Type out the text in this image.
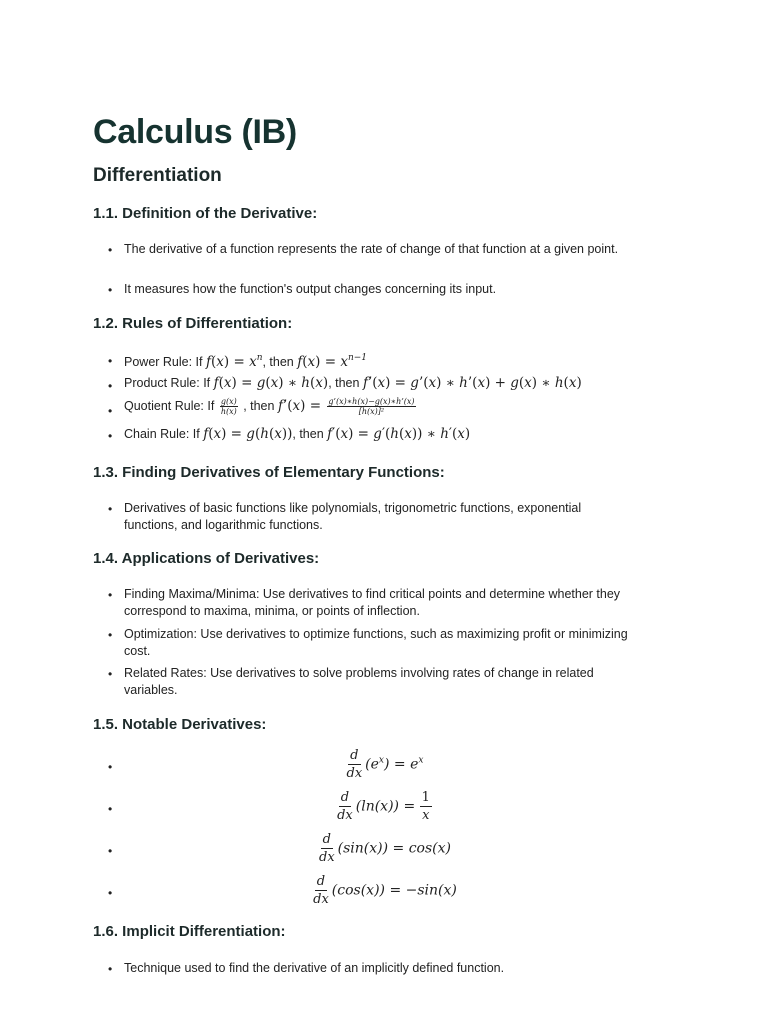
Calculus (IB)
Differentiation
1.1. Definition of the Derivative:
• The derivative of a function represents the rate of change of that function at a given point.
• It measures how the function's output changes concerning its input.
1.2. Rules of Differentiation:
• Power Rule: If $f(x) = x^n$, then $f(x) = x^{n-1}$
• Product Rule: If f(x) = g(x) ∗ h(x), then f’(x) = g’(x) ∗ h’(x) + g(x) ∗ h(x)
• Quotient Rule: If $\frac{g(x)}{h(x)}$ , then f’(x) = $\frac{g’(x)∗h(x)-g(x)∗h’(x)}{\text{[h(x)]²}}$
• Chain Rule: If f(x) = g(h(x)), then f′(x) = g′(h(x)) ∗ h′(x)
1.3. Finding Derivatives of Elementary Functions:
• Derivatives of basic functions like polynomials, trigonometric functions, exponential functions, and logarithmic functions.
1.4. Applications of Derivatives:
• Finding Maxima/Minima: Use derivatives to find critical points and determine whether they correspond to maxima, minima, or points of inflection.
• Optimization: Use derivatives to optimize functions, such as maximizing profit or minimizing cost.
• Related Rates: Use derivatives to solve problems involving rates of change in related variables.
1.5. Notable Derivatives:
•	$\frac{d}{dx} (e^x) = e^x$
•	$\frac{d}{dx} (\ln(x)) = \frac{1}{x}$
•	$\frac{d}{dx} (\sin(x)) = \cos(x)$
•	$\frac{d}{dx} (\cos(x)) = -\sin(x)$
1.6. Implicit Differentiation:
• Technique used to find the derivative of an implicitly defined function.
